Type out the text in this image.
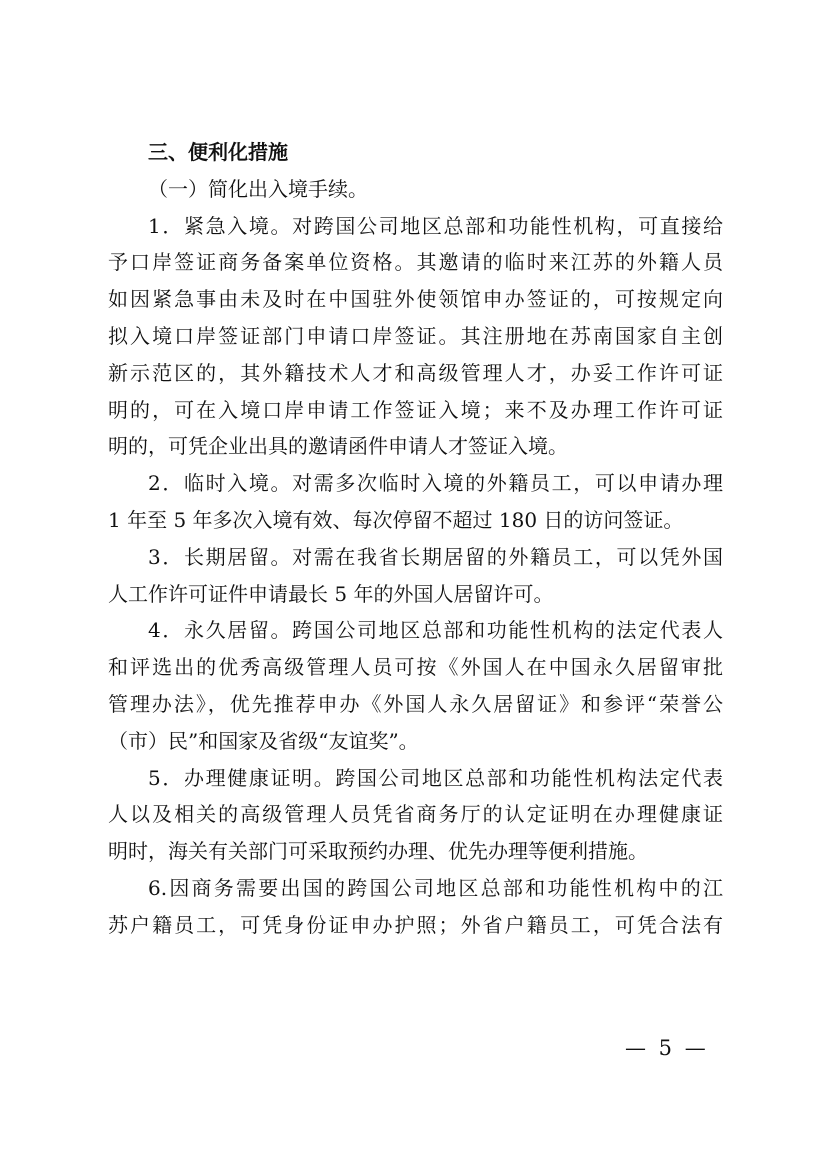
三、便利化措施
（一）简化出入境手续。
1．紧急入境。对跨国公司地区总部和功能性机构，可直接给
予口岸签证商务备案单位资格。其邀请的临时来江苏的外籍人员
如因紧急事由未及时在中国驻外使领馆申办签证的，可按规定向
拟入境口岸签证部门申请口岸签证。其注册地在苏南国家自主创
新示范区的，其外籍技术人才和高级管理人才，办妥工作许可证
明的，可在入境口岸申请工作签证入境；来不及办理工作许可证
明的，可凭企业出具的邀请函件申请人才签证入境。
2．临时入境。对需多次临时入境的外籍员工，可以申请办理
1 年至 5 年多次入境有效、每次停留不超过 180 日的访问签证。
3．长期居留。对需在我省长期居留的外籍员工，可以凭外国
人工作许可证件申请最长 5 年的外国人居留许可。
4．永久居留。跨国公司地区总部和功能性机构的法定代表人
和评选出的优秀高级管理人员可按《外国人在中国永久居留审批
管理办法》，优先推荐申办《外国人永久居留证》和参评“荣誉公
（市）民”和国家及省级“友谊奖”。
5．办理健康证明。跨国公司地区总部和功能性机构法定代表
人以及相关的高级管理人员凭省商务厅的认定证明在办理健康证
明时，海关有关部门可采取预约办理、优先办理等便利措施。
6.因商务需要出国的跨国公司地区总部和功能性机构中的江
苏户籍员工，可凭身份证申办护照；外省户籍员工，可凭合法有
— 5 —
